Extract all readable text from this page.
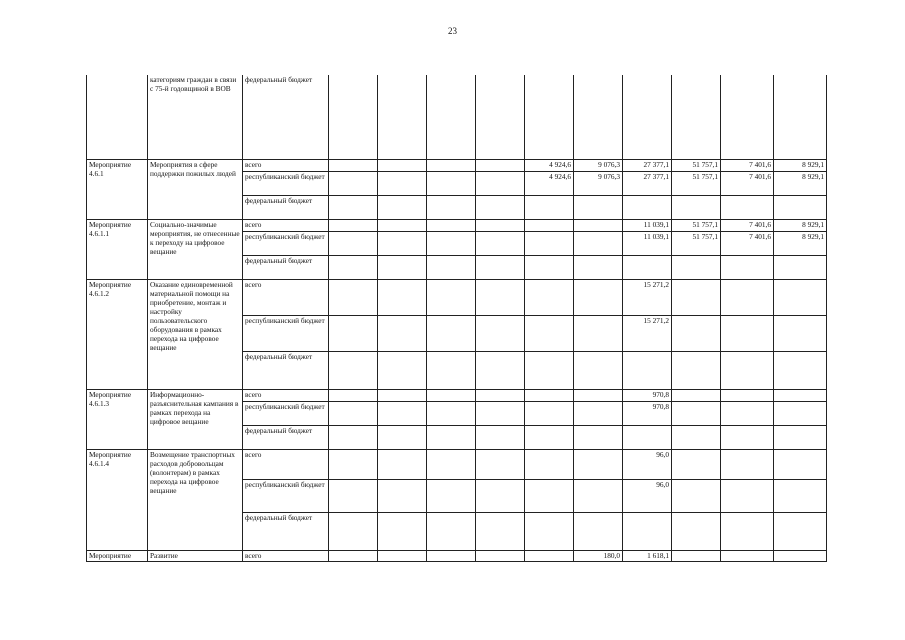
23
	категориям граждан в связи с 75-й годовщиной в ВОВ	федеральный бюджет										
Мероприятие 4.6.1	Мероприятия в сфере поддержки пожилых людей	всего					4 924,6	9 076,3	27 377,1	51 757,1	7 401,6	8 929,1
		республиканский бюджет					4 924,6	9 076,3	27 377,1	51 757,1	7 401,6	8 929,1
		федеральный бюджет										
Мероприятие 4.6.1.1	Социально-значимые мероприятия, не отнесенные к переходу на цифровое вещание	всего							11 039,1	51 757,1	7 401,6	8 929,1
		республиканский бюджет							11 039,1	51 757,1	7 401,6	8 929,1
		федеральный бюджет										
Мероприятие 4.6.1.2	Оказание единовременной материальной помощи на приобретение, монтаж и настройку пользовательского оборудования в рамках перехода на цифровое вещание	всего							15 271,2			
		республиканский бюджет							15 271,2			
		федеральный бюджет										
Мероприятие 4.6.1.3	Информационно-разъяснительная кампания в рамках перехода на цифровое вещание	всего							970,8			
		республиканский бюджет							970,8			
		федеральный бюджет										
Мероприятие 4.6.1.4	Возмещение транспортных расходов добровольцам (волонтерам) в рамках перехода на цифровое вещание	всего							96,0			
		республиканский бюджет							96,0			
		федеральный бюджет										
Мероприятие	Развитие	всего						180,0	1 618,1			
